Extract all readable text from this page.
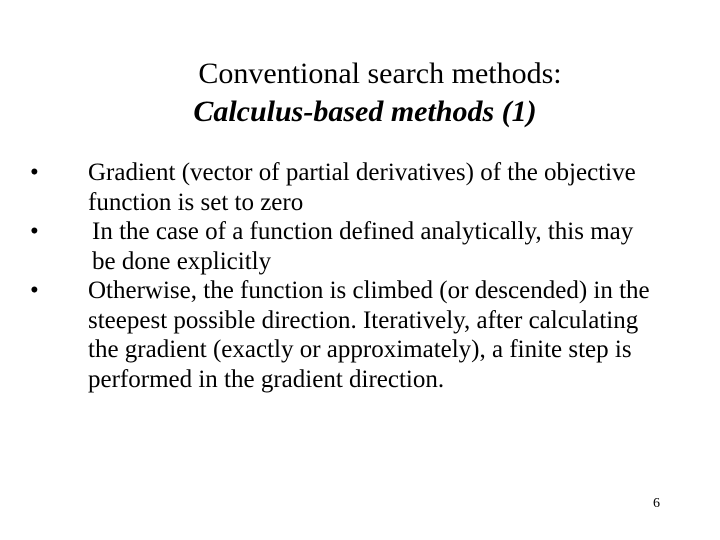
Conventional search methods:
Calculus-based methods (1)
• Gradient (vector of partial derivatives) of the objective function is set to zero
• In the case of a function defined analytically, this may be done explicitly
• Otherwise, the function is climbed (or descended) in the steepest possible direction. Iteratively, after calculating the gradient (exactly or approximately), a finite step is performed in the gradient direction.
6
